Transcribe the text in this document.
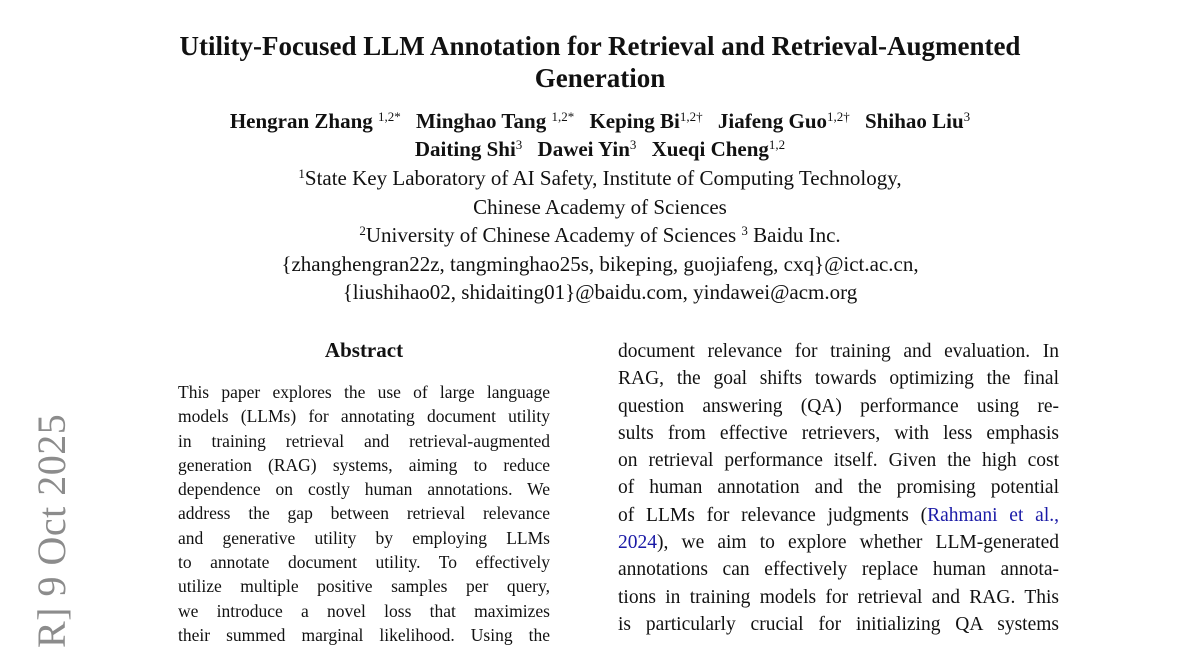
R] 9 Oct 2025
Utility-Focused LLM Annotation for Retrieval and Retrieval-Augmented
Generation
Hengran Zhang $^{1,2*}$ Minghao Tang $^{1,2*}$ Keping $Bi^{1,2\dagger}$ Jiafeng Guo$^{1,2\dagger}$ Shihao Liu$^3$
Daiting Shi$^3$ Dawei Yin$^3$ Xueqi Cheng$^{1,2}$
$^1$State Key Laboratory of AI Safety, Institute of Computing Technology,
Chinese Academy of Sciences
$^2$University of Chinese Academy of Sciences $^3$ Baidu Inc.
{zhanghengran22z, tangminghao25s, bikeping, guojiafeng, cxq}@ict.ac.cn,
{liushihao02, shidaiting01}@baidu.com, yindawei@acm.org
Abstract
This paper explores the use of large language
models (LLMs) for annotating document utility
in training retrieval and retrieval-augmented
generation (RAG) systems, aiming to reduce
dependence on costly human annotations. We
address the gap between retrieval relevance
and generative utility by employing LLMs
to annotate document utility. To effectively
utilize multiple positive samples per query,
we introduce a novel loss that maximizes
their summed marginal likelihood. Using the
document relevance for training and evaluation. In
RAG, the goal shifts towards optimizing the final
question answering (QA) performance using re-
sults from effective retrievers, with less emphasis
on retrieval performance itself. Given the high cost
of human annotation and the promising potential
of LLMs for relevance judgments (Rahmani et al.,
2024), we aim to explore whether LLM-generated
annotations can effectively replace human annota-
tions in training models for retrieval and RAG. This
is particularly crucial for initializing QA systems
